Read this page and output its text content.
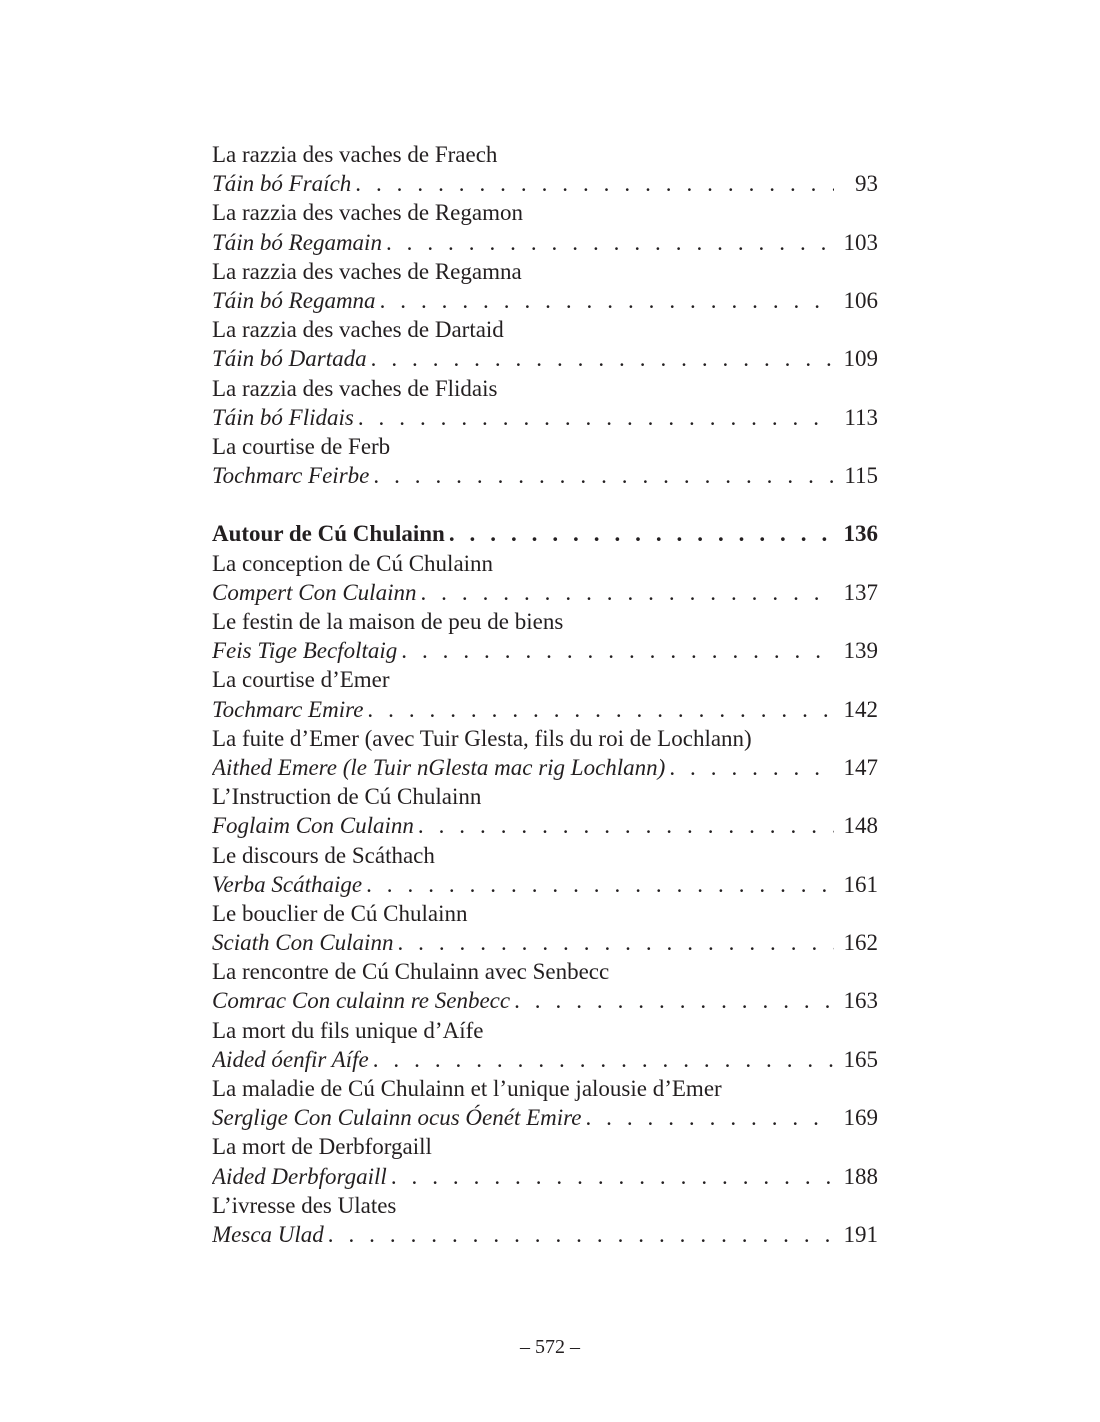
La razzia des vaches de Fraech
Táin bó Fraích . . .	93
La razzia des vaches de Regamon
Táin bó Regamain . . .	103
La razzia des vaches de Regamna
Táin bó Regamna . . .	106
La razzia des vaches de Dartaid
Táin bó Dartada . . .	109
La razzia des vaches de Flidais
Táin bó Flidais . . .	113
La courtise de Ferb
Tochmarc Feirbe . . .	115
Autour de Cú Chulainn . . .	136
La conception de Cú Chulainn
Compert Con Culainn . . .	137
Le festin de la maison de peu de biens
Feis Tige Becfoltaig . . .	139
La courtise d’Emer
Tochmarc Emire . . .	142
La fuite d’Emer (avec Tuir Glesta, fils du roi de Lochlann)
Aithed Emere (le Tuir nGlesta mac rig Lochlann) . . .	147
L’Instruction de Cú Chulainn
Foglaim Con Culainn . . .	148
Le discours de Scáthach
Verba Scáthaige . . .	161
Le bouclier de Cú Chulainn
Sciath Con Culainn . . .	162
La rencontre de Cú Chulainn avec Senbecc
Comrac Con culainn re Senbecc . . .	163
La mort du fils unique d’Aífe
Aided óenfir Aífe . . .	165
La maladie de Cú Chulainn et l’unique jalousie d’Emer
Serglige Con Culainn ocus Óenét Emire . . .	169
La mort de Derbforgaill
Aided Derbforgaill . . .	188
L’ivresse des Ulates
Mesca Ulad . . .	191
– 572 –
